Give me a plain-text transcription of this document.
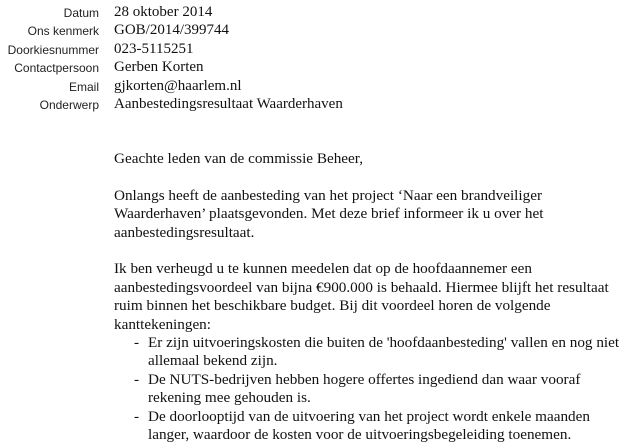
Datum 28 oktober 2014
Ons kenmerk GOB/2014/399744
Doorkiesnummer 023-5115251
Contactpersoon Gerben Korten
Email gjkorten@haarlem.nl
Onderwerp Aanbestedingsresultaat Waarderhaven

Geachte leden van de commissie Beheer,

Onlangs heeft de aanbesteding van het project ‘Naar een brandveiliger Waarderhaven’ plaatsgevonden. Met deze brief informeer ik u over het aanbestedingsresultaat.

Ik ben verheugd u te kunnen meedelen dat op de hoofdaannemer een aanbestedingsvoordeel van bijna €900.000 is behaald. Hiermee blijft het resultaat ruim binnen het beschikbare budget. Bij dit voordeel horen de volgende kanttekeningen:

- Er zijn uitvoeringskosten die buiten de 'hoofdaanbesteding' vallen en nog niet allemaal bekend zijn.
- De NUTS-bedrijven hebben hogere offertes ingediend dan waar vooraf rekening mee gehouden is.
- De doorlooptijd van de uitvoering van het project wordt enkele maanden langer, waardoor de kosten voor de uitvoeringsbegeleiding toenemen.
